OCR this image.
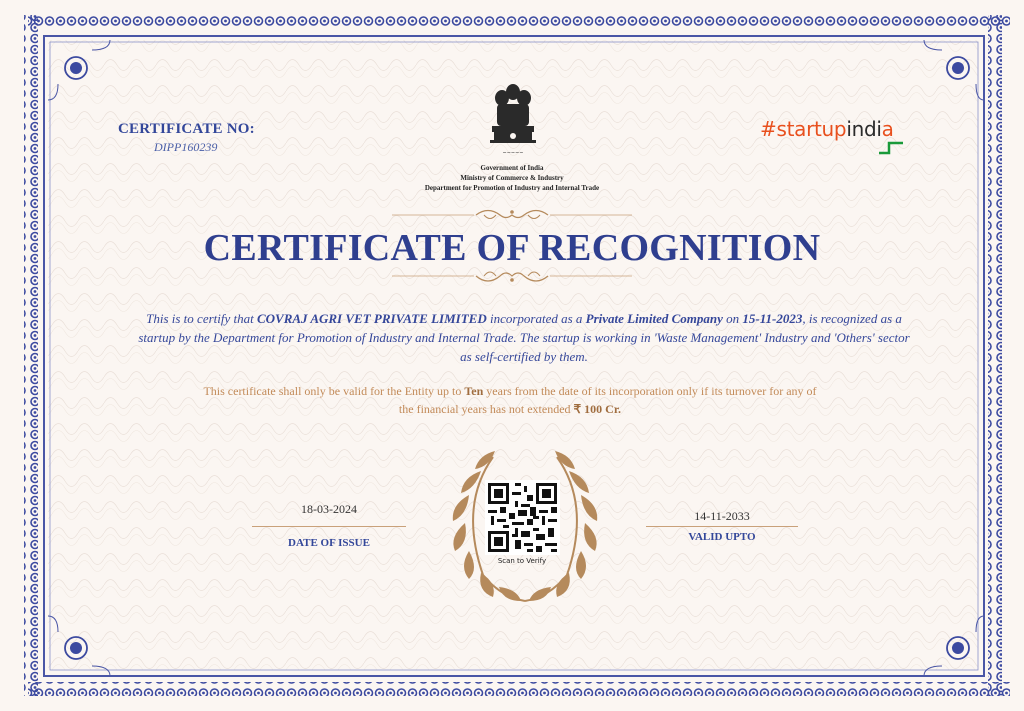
CERTIFICATE NO:
DIPP160239	~~~~~
Government of India
Ministry of Commerce & Industry
Department for Promotion of Industry and Internal Trade
#startupindia
CERTIFICATE OF RECOGNITION
This is to certify that COVRAJ AGRI VET PRIVATE LIMITED incorporated as a Private Limited Company on 15-11-2023, is recognized as a startup by the Department for Promotion of Industry and Internal Trade. The startup is working in 'Waste Management' Industry and 'Others' sector as self-certified by them.
This certificate shall only be valid for the Entity up to Ten years from the date of its incorporation only if its turnover for any of the financial years has not extended ₹ 100 Cr.
18-03-2024
DATE OF ISSUE
Scan to Verify
14-11-2033
VALID UPTO
